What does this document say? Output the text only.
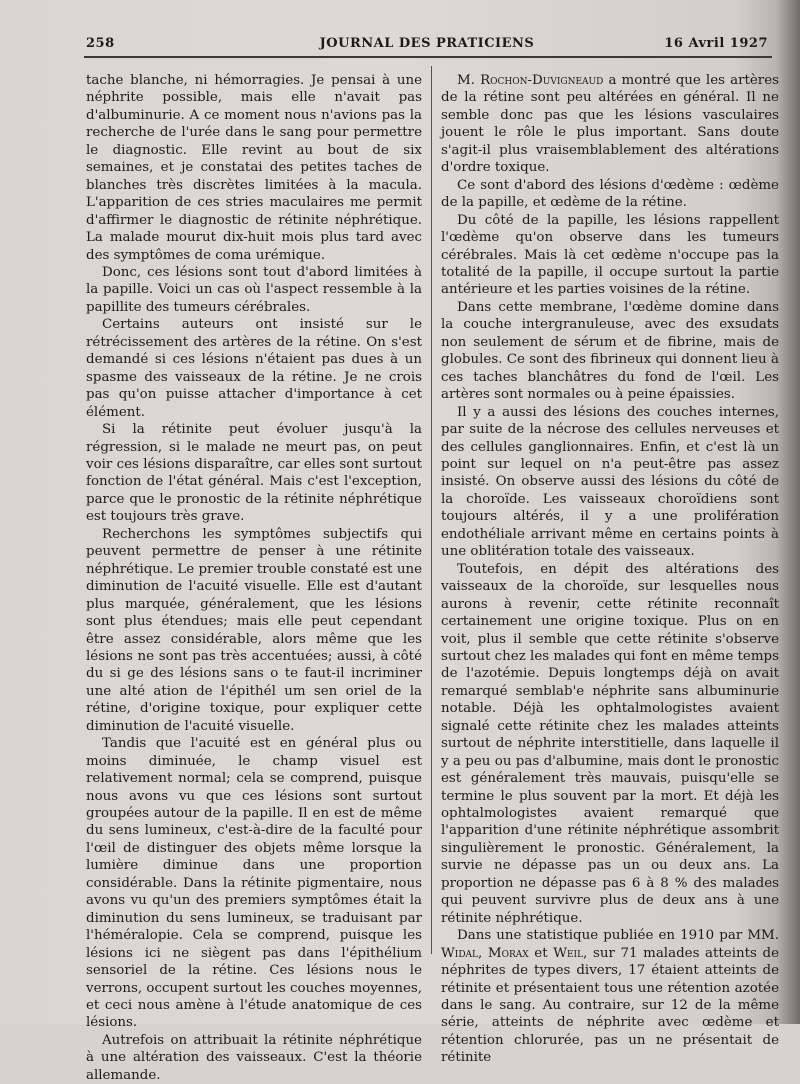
258	JOURNAL DES PRATICIENS	16 Avril 1927

tache blanche, ni hémorragies. Je pensai à une néphrite possible, mais elle n'avait pas d'albuminurie. A ce moment nous n'avions pas la recherche de l'urée dans le sang pour permettre le diagnostic. Elle revint au bout de six semaines, et je constatai des petites taches de blanches très discrètes limitées à la macula. L'apparition de ces stries maculaires me permit d'affirmer le diagnostic de rétinite néphrétique. La malade mourut dix-huit mois plus tard avec des symptômes de coma urémique.

Donc, ces lésions sont tout d'abord limitées à la papille. Voici un cas où l'aspect ressemble à la papillite des tumeurs cérébrales.

Certains auteurs ont insisté sur le rétrécissement des artères de la rétine. On s'est demandé si ces lésions n'étaient pas dues à un spasme des vaisseaux de la rétine. Je ne crois pas qu'on puisse attacher d'importance à cet élément.

Si la rétinite peut évoluer jusqu'à la régression, si le malade ne meurt pas, on peut voir ces lésions disparaître, car elles sont surtout fonction de l'état général. Mais c'est l'exception, parce que le pronostic de la rétinite néphrétique est toujours très grave.

Recherchons les symptômes subjectifs qui peuvent permettre de penser à une rétinite néphrétique. Le premier trouble constaté est une diminution de l'acuité visuelle. Elle est d'autant plus marquée, généralement, que les lésions sont plus étendues; mais elle peut cependant être assez considérable, alors même que les lésions ne sont pas très accentuées; aussi, à côté du si ge des lésions sans o te faut-il incriminer une alté ation de l'épithél um sen oriel de la rétine, d'origine toxique, pour expliquer cette diminution de l'acuité visuelle.

Tandis que l'acuité est en général plus ou moins diminuée, le champ visuel est relativement normal; cela se comprend, puisque nous avons vu que ces lésions sont surtout groupées autour de la papille. Il en est de même du sens lumineux, c'est-à-dire de la faculté pour l'œil de distinguer des objets même lorsque la lumière diminue dans une proportion considérable. Dans la rétinite pigmentaire, nous avons vu qu'un des premiers symptômes était la diminution du sens lumineux, se traduisant par l'héméralopie. Cela se comprend, puisque les lésions ici ne siègent pas dans l'épithélium sensoriel de la rétine. Ces lésions nous le verrons, occupent surtout les couches moyennes, et ceci nous amène à l'étude anatomique de ces lésions.

Autrefois on attribuait la rétinite néphrétique à une altération des vaisseaux. C'est la théorie allemande.

M. Rochon-Duvigneaud a montré que les artères de la rétine sont peu altérées en général. Il ne semble donc pas que les lésions vasculaires jouent le rôle le plus important. Sans doute s'agit-il plus vraisemblablement des altérations d'ordre toxique.

Ce sont d'abord des lésions d'œdème : œdème de la papille, et œdème de la rétine.

Du côté de la papille, les lésions rappellent l'œdème qu'on observe dans les tumeurs cérébrales. Mais là cet œdème n'occupe pas la totalité de la papille, il occupe surtout la partie antérieure et les parties voisines de la rétine.

Dans cette membrane, l'œdème domine dans la couche intergranuleuse, avec des exsudats non seulement de sérum et de fibrine, mais de globules. Ce sont des fibrineux qui donnent lieu à ces taches blanchâtres du fond de l'œil. Les artères sont normales ou à peine épaissies.

Il y a aussi des lésions des couches internes, par suite de la nécrose des cellules nerveuses et des cellules ganglionnaires. Enfin, et c'est là un point sur lequel on n'a peut-être pas assez insisté. On observe aussi des lésions du côté de la choroïde. Les vaisseaux choroïdiens sont toujours altérés, il y a une prolifération endothéliale arrivant même en certains points à une oblitération totale des vaisseaux.

Toutefois, en dépit des altérations des vaisseaux de la choroïde, sur lesquelles nous aurons à revenir, cette rétinite reconnaît certainement une origine toxique. Plus on en voit, plus il semble que cette rétinite s'observe surtout chez les malades qui font en même temps de l'azotémie. Depuis longtemps déjà on avait remarqué semblab'e néphrite sans albuminurie notable. Déjà les ophtalmologistes avaient signalé cette rétinite chez les malades atteints surtout de néphrite interstitielle, dans laquelle il y a peu ou pas d'albumine, mais dont le pronostic est généralement très mauvais, puisqu'elle se termine le plus souvent par la mort. Et déjà les ophtalmologistes avaient remarqué que l'apparition d'une rétinite néphrétique assombrit singulièrement le pronostic. Généralement, la survie ne dépasse pas un ou deux ans. La proportion ne dépasse pas 6 à 8 % des malades qui peuvent survivre plus de deux ans à une rétinite néphrétique.

Dans une statistique publiée en 1910 par MM. Widal, Morax et Weil, sur 71 malades atteints de néphrites de types divers, 17 étaient atteints de rétinite et présentaient tous une rétention azotée dans le sang. Au contraire, sur 12 de la même série, atteints de néphrite avec œdème et rétention chlorurée, pas un ne présentait de rétinite
